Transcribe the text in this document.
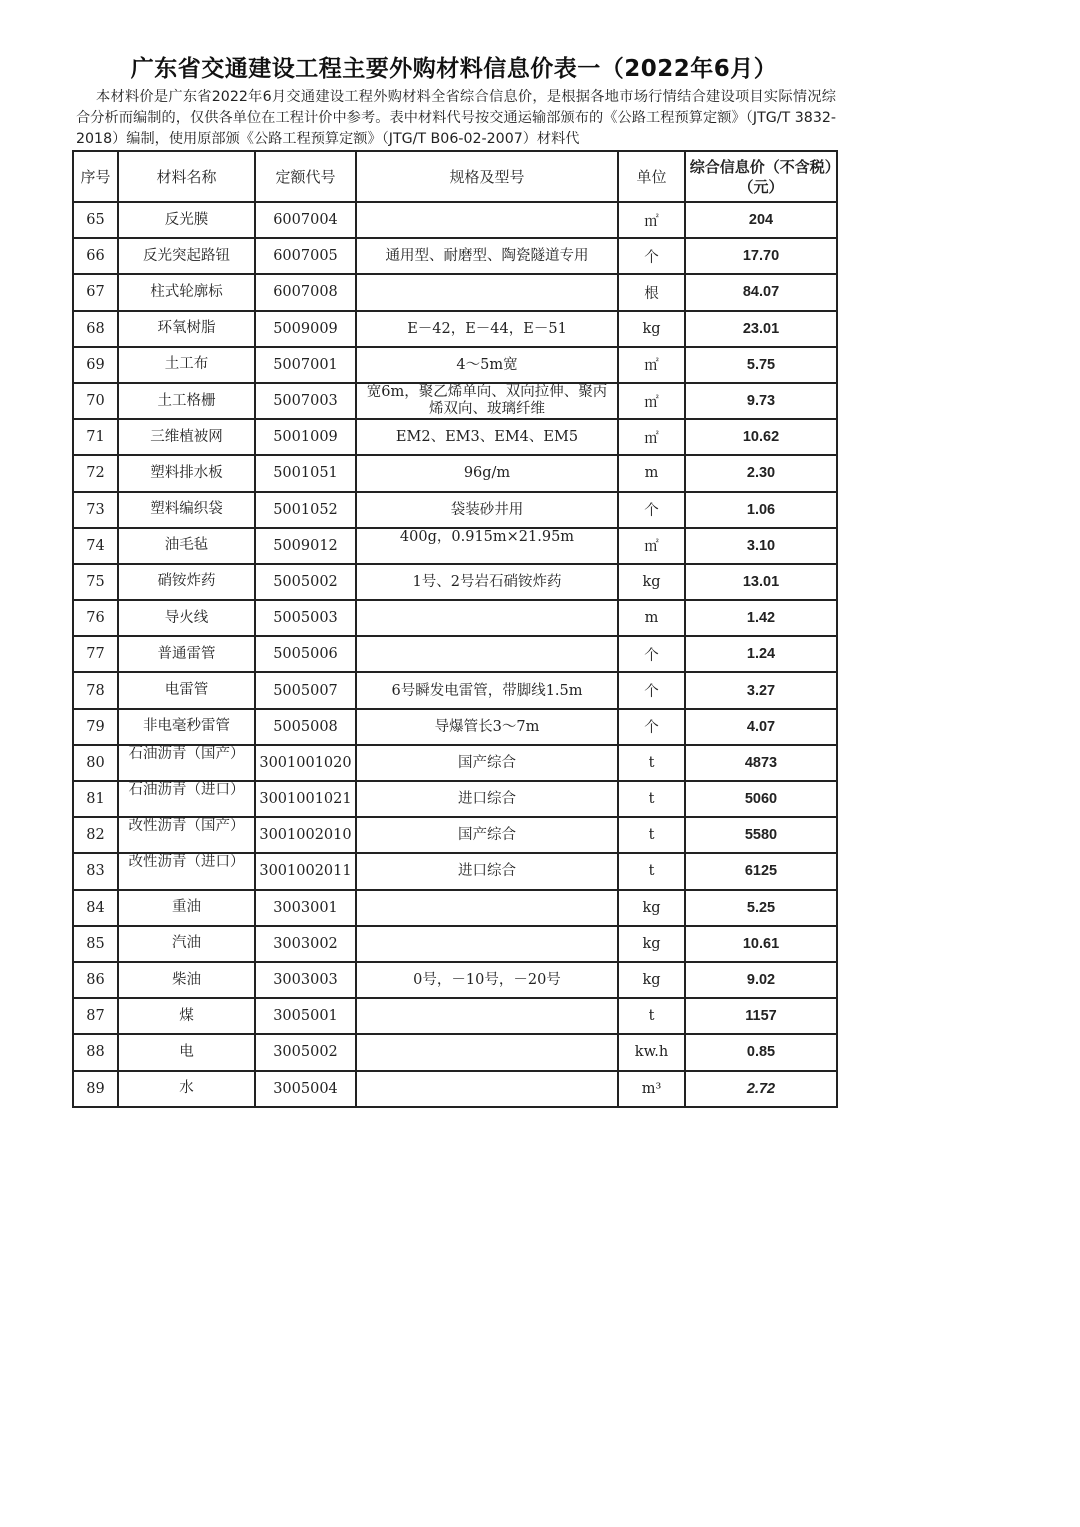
广东省交通建设工程主要外购材料信息价表一（2022年6月）
本材料价是广东省2022年6月交通建设工程外购材料全省综合信息价，是根据各地市场行情结合建设项目实际情况综合分析而编制的，仅供各单位在工程计价中参考。表中材料代号按交通运输部颁布的《公路工程预算定额》（JTG/T 3832-2018）编制，使用原部颁《公路工程预算定额》（JTG/T B06-02-2007）材料代
序号	材料名称	定额代号	规格及型号	单位	综合信息价（不含税）（元）
65	反光膜	6007004		㎡	204
66	反光突起路钮	6007005	通用型、耐磨型、陶瓷隧道专用	个	17.70
67	柱式轮廓标	6007008		根	84.07
68	环氧树脂	5009009	E－42，E－44，E－51	kg	23.01
69	土工布	5007001	4～5m宽	㎡	5.75
70	土工格栅	5007003	宽6m，聚乙烯单向、双向拉伸、聚丙烯双向、玻璃纤维	㎡	9.73
71	三维植被网	5001009	EM2、EM3、EM4、EM5	㎡	10.62
72	塑料排水板	5001051	96g/m	m	2.30
73	塑料编织袋	5001052	袋装砂井用	个	1.06
74	油毛毡	5009012	400g，0.915m×21.95m	㎡	3.10
75	硝铵炸药	5005002	1号、2号岩石硝铵炸药	kg	13.01
76	导火线	5005003		m	1.42
77	普通雷管	5005006		个	1.24
78	电雷管	5005007	6号瞬发电雷管，带脚线1.5m	个	3.27
79	非电毫秒雷管	5005008	导爆管长3～7m	个	4.07
80	石油沥青（国产）	3001001020	国产综合	t	4873
81	石油沥青（进口）	3001001021	进口综合	t	5060
82	改性沥青（国产）	3001002010	国产综合	t	5580
83	改性沥青（进口）	3001002011	进口综合	t	6125
84	重油	3003001		kg	5.25
85	汽油	3003002		kg	10.61
86	柴油	3003003	0号，－10号，－20号	kg	9.02
87	煤	3005001		t	1157
88	电	3005002		kw.h	0.85
89	水	3005004		m³	2.72
